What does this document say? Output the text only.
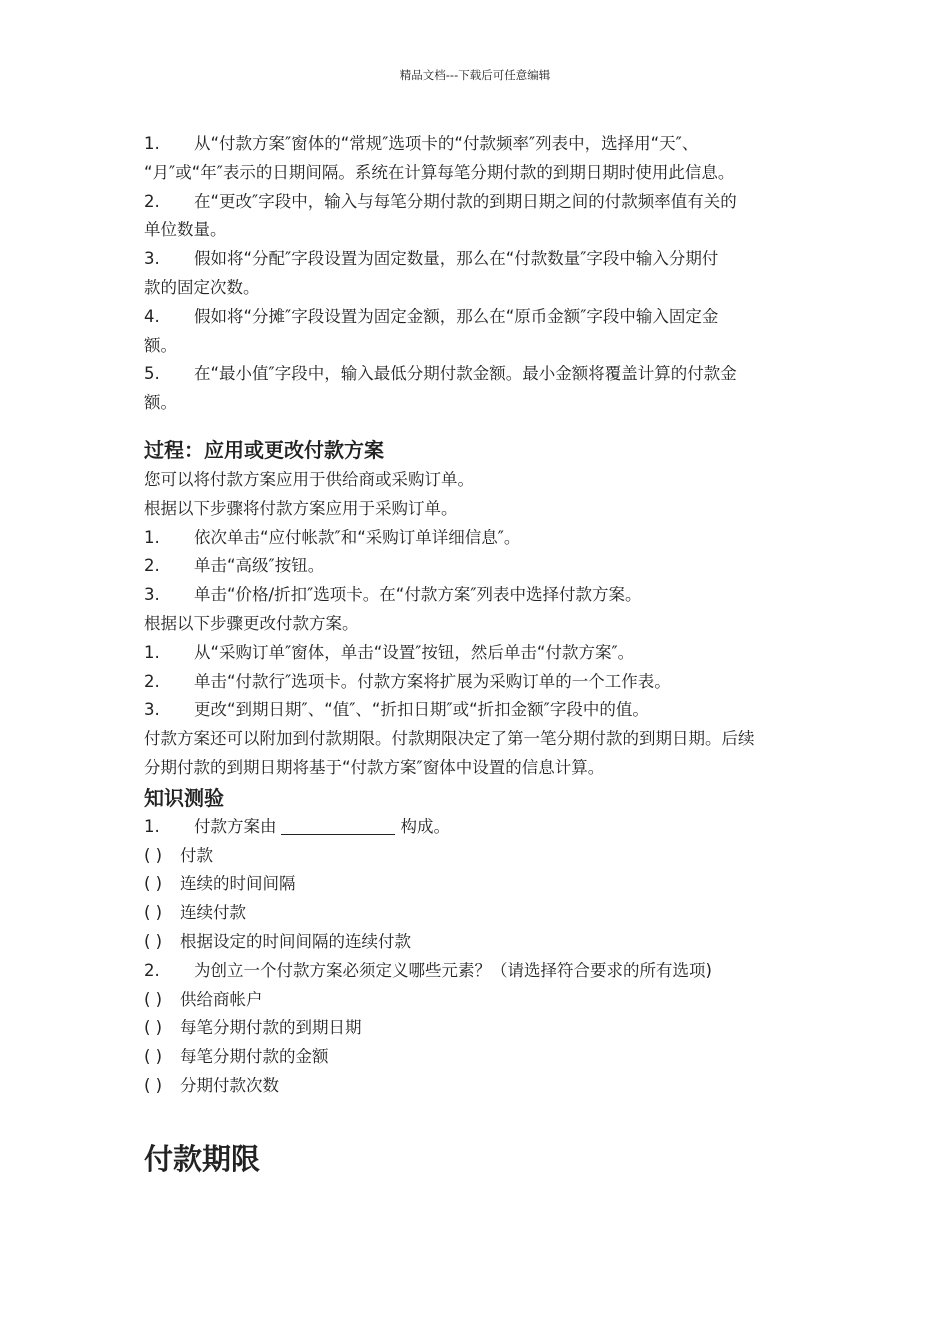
精品文档---下载后可任意编辑
1. 从“付款方案″窗体的“常规″选项卡的“付款频率″列表中，选择用“天″、
“月″或“年″表示的日期间隔。系统在计算每笔分期付款的到期日期时使用此信息。
2. 在“更改″字段中，输入与每笔分期付款的到期日期之间的付款频率值有关的
单位数量。
3. 假如将“分配″字段设置为固定数量，那么在“付款数量″字段中输入分期付
款的固定次数。
4. 假如将“分摊″字段设置为固定金额，那么在“原币金额″字段中输入固定金
额。
5. 在“最小值″字段中，输入最低分期付款金额。最小金额将覆盖计算的付款金
额。
过程：应用或更改付款方案
您可以将付款方案应用于供给商或采购订单。
根据以下步骤将付款方案应用于采购订单。
1. 依次单击“应付帐款″和“采购订单详细信息″。
2. 单击“高级″按钮。
3. 单击“价格/折扣″选项卡。在“付款方案″列表中选择付款方案。
根据以下步骤更改付款方案。
1. 从“采购订单″窗体，单击“设置″按钮，然后单击“付款方案″。
2. 单击“付款行″选项卡。付款方案将扩展为采购订单的一个工作表。
3. 更改“到期日期″、“值″、“折扣日期″或“折扣金额″字段中的值。
付款方案还可以附加到付款期限。付款期限决定了第一笔分期付款的到期日期。后续
分期付款的到期日期将基于“付款方案″窗体中设置的信息计算。
知识测验
1. 付款方案由	构成。
( ) 付款
( ) 连续的时间间隔
( ) 连续付款
( ) 根据设定的时间间隔的连续付款
2. 为创立一个付款方案必须定义哪些元素？（请选择符合要求的所有选项)
( ) 供给商帐户
( ) 每笔分期付款的到期日期
( ) 每笔分期付款的金额
( ) 分期付款次数
付款期限
